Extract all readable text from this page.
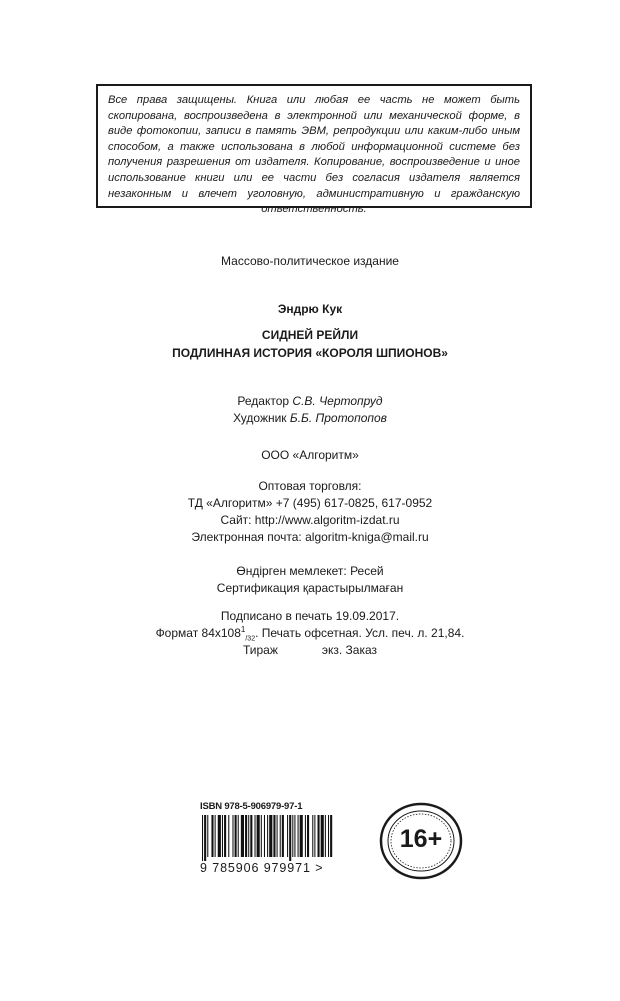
Все права защищены. Книга или любая ее часть не может быть скопирована, воспроизведена в электронной или механической форме, в виде фотокопии, записи в память ЭВМ, репродукции или каким-либо иным способом, а также использована в любой информационной системе без получения разрешения от издателя. Копирование, воспроизведение и иное использование книги или ее части без согласия издателя является незаконным и влечет уголовную, административную и гражданскую ответственность.
Массово-политическое издание
Эндрю Кук
СИДНЕЙ РЕЙЛИ
ПОДЛИННАЯ ИСТОРИЯ «КОРОЛЯ ШПИОНОВ»
Редактор С.В. Чертопруд
Художник Б.Б. Протопопов
ООО «Алгоритм»
Оптовая торговля:
ТД «Алгоритм» +7 (495) 617-0825, 617-0952
Сайт: http://www.algoritm-izdat.ru
Электронная почта: algoritm-kniga@mail.ru
Өндірген мемлекет: Ресей
Сертификация қарастырылмаған
Подписано в печать 19.09.2017.
Формат $84x108^1_{/32}$. Печать офсетная. Усл. печ. л. 21,84.
Тираж	экз. Заказ
ISBN 978-5-906979-97-1
9 785906 979971 >
16+
